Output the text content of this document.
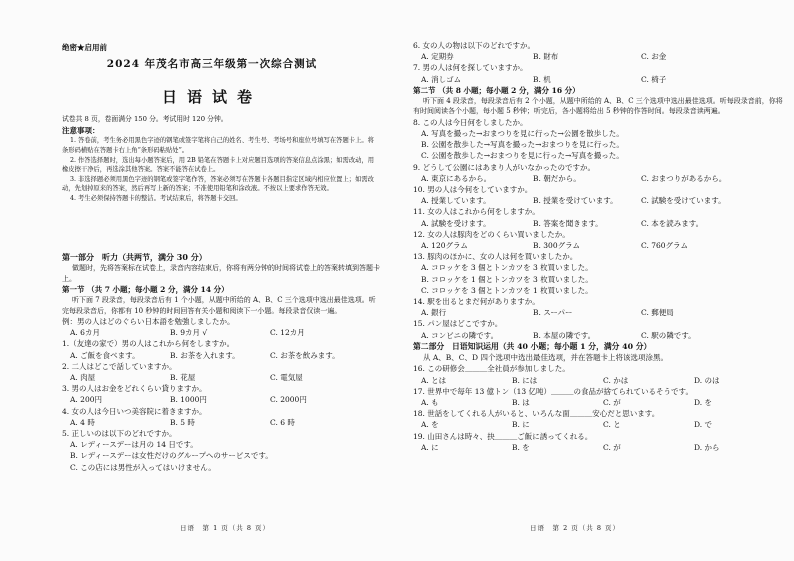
绝密★启用前
2024 年茂名市高三年级第一次综合测试
日语试卷
试卷共 8 页，卷面满分 150 分。考试用时 120 分钟。
注意事项：
1. 答卷前，考生务必用黑色字迹的钢笔或签字笔将自己的姓名、考生号、考场号和座位号填写在答题卡上。将条形码横贴在答题卡右上角“条形码粘贴处”。
2. 作答选择题时，选出每小题答案后，用 2B 铅笔在答题卡上对应题目选项的答案信息点涂黑；如需改动，用橡皮擦干净后，再选涂其他答案。答案不能答在试卷上。
3. 非选择题必须用黑色字迹的钢笔或签字笔作答，答案必须写在答题卡各题目指定区域内相应位置上；如需改动，先划掉原来的答案，然后再写上新的答案；不准使用铅笔和涂改液。不按以上要求作答无效。
4. 考生必须保持答题卡的整洁。考试结束后，将答题卡交回。
第一部分　听力（共两节，满分 30 分）
做题时，先将答案标在试卷上，录音内容结束后，你将有两分钟的时间将试卷上的答案转填到答题卡上。
第一节 （共 7 小题；每小题 2 分，满分 14 分）
听下面 7 段录音，每段录音后有 1 个小题，从题中所给的 A、B、C 三个选项中选出最佳选项。听完每段录音后，你都有 10 秒钟的时间回答有关小题和阅读下一小题。每段录音仅读一遍。
例：男の人はどのぐらい日本語を勉強しましたか。
A. 6カ月	B. 9カ月 √	C. 12カ月
1.（友達の家で）男の人はこれから何をしますか。
A. ご飯を食べます。	B. お茶を入れます。	C. お茶を飲みます。
2. 二人はどこで話していますか。
A. 肉屋	B. 花屋	C. 電気屋
3. 男の人はお金をどれくらい貸りますか。
A. 200円	B. 1000円	C. 2000円
4. 女の人は今日いつ美容院に着きますか。
A. 4 時	B. 5 時	C. 6 時
5. 正しいのは以下のどれですか。
A. レディースデーは月の 14 日です。
B. レディースデーは女性だけのグループへのサービスです。
C. この店には男性が入ってはいけません。
日语　第 1 页（共 8 页）
6. 女の人の物は以下のどれですか。
A. 定期券	B. 財布	C. お金
7. 男の人は何を探していますか。
A. 消しゴム	B. 机	C. 椅子
第二节 （共 8 小题；每小题 2 分，满分 16 分）
听下面 4 段录音，每段录音后有 2 个小题，从题中所给的 A、B、C 三个选项中选出最佳选项。听每段录音前，你将有时间阅读各个小题，每小题 5 秒钟；听完后，各小题将给出 5 秒钟的作答时间。每段录音读两遍。
8. この人は今日何をしましたか。
A. 写真を撮った→おまつりを見に行った→公園を散歩した。
B. 公園を散歩した→写真を撮った→おまつりを見に行った。
C. 公園を散歩した→おまつりを見に行った→写真を撮った。
9. どうして公園にはあまり人がいなかったのですか。
A. 東京にあるから。	B. 朝だから。	C. おまつりがあるから。
10. 男の人は今何をしていますか。
A. 授業しています。	B. 授業を受けています。	C. 試験を受けています。
11. 女の人はこれから何をしますか。
A. 試験を受けます。	B. 答案を聞きます。	C. 本を読みます。
12. 女の人は豚肉をどのくらい買いましたか。
A. 120グラム	B. 300グラム	C. 760グラム
13. 豚肉のほかに、女の人は何を買いましたか。
A. コロッケを 3 個とトンカツを 3 枚買いました。
B. コロッケを 1 個とトンカツを 3 枚買いました。
C. コロッケを 3 個とトンカツを 1 枚買いました。
14. 駅を出るとまだ何がありますか。
A. 銀行	B. スーパー	C. 郵便局
15. パン屋はどこですか。
A. コンビニの隣です。	B. 本屋の隣です。	C. 駅の隣です。
第二部分　日语知识运用（共 40 小题；每小题 1 分，满分 40 分）
从 A、B、C、D 四个选项中选出最佳选项，并在答题卡上将该选项涂黑。
16. この研修会＿＿＿全社員が参加しました。
A. とは	B. には	C. かは	D. のは
17. 世界中で毎年 13 億トン（13 亿吨）＿＿＿の食品が捨てられているそうです。
A. も	B. は	C. が	D. を
18. 世話をしてくれる人がいると、いろんな面＿＿＿安心だと思います。
A. を	B. に	C. と	D. で
19. 山田さんは時々、抉＿＿＿ご飯に誘ってくれる。
A. に	B. を	C. が	D. から
日语　第 2 页（共 8 页）
